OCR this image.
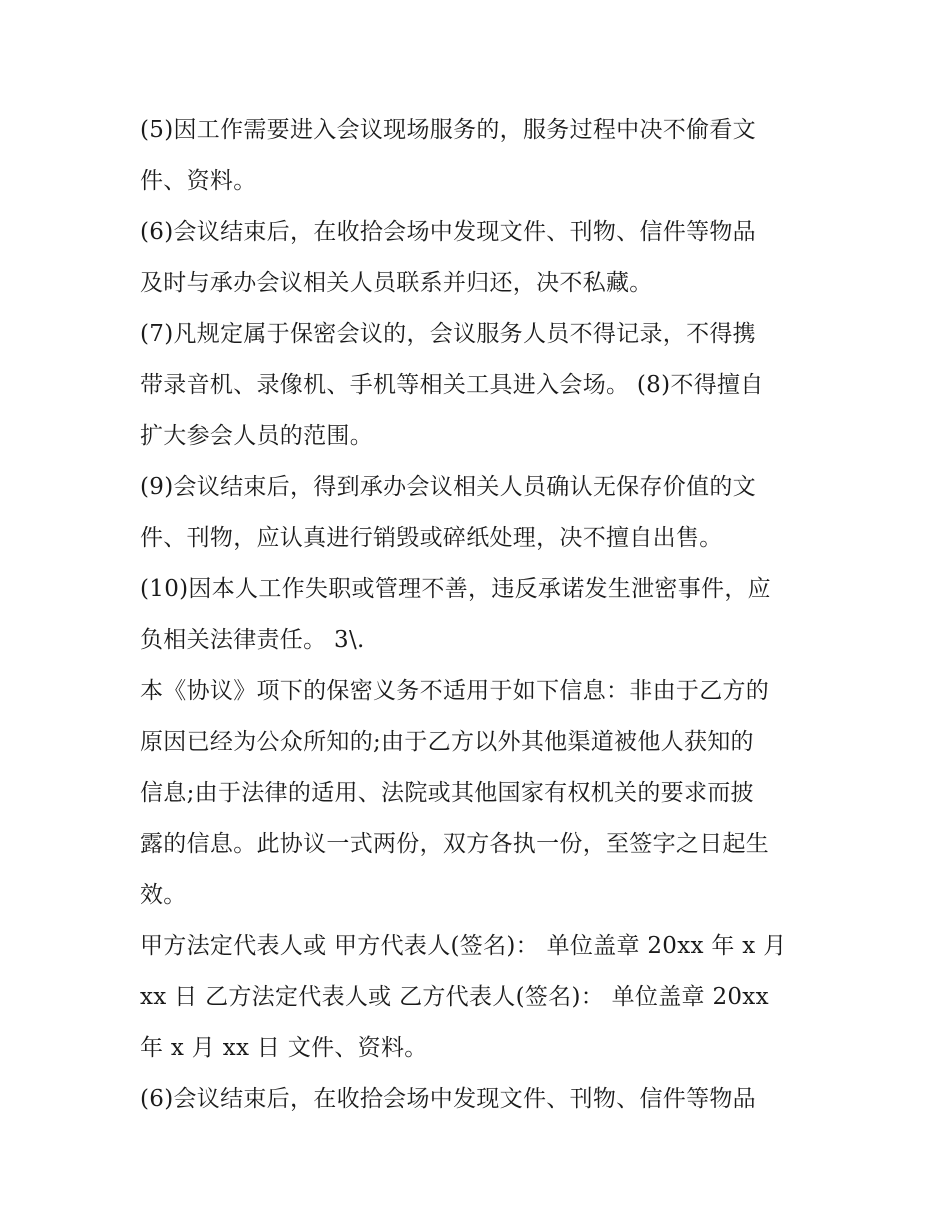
(5)因工作需要进入会议现场服务的，服务过程中决不偷看文
件、资料。
(6)会议结束后，在收拾会场中发现文件、刊物、信件等物品
及时与承办会议相关人员联系并归还，决不私藏。
(7)凡规定属于保密会议的，会议服务人员不得记录，不得携
带录音机、录像机、手机等相关工具进入会场。 (8)不得擅自
扩大参会人员的范围。
(9)会议结束后，得到承办会议相关人员确认无保存价值的文
件、刊物，应认真进行销毁或碎纸处理，决不擅自出售。
(10)因本人工作失职或管理不善，违反承诺发生泄密事件，应
负相关法律责任。 3\.
本《协议》项下的保密义务不适用于如下信息：非由于乙方的
原因已经为公众所知的;由于乙方以外其他渠道被他人获知的
信息;由于法律的适用、法院或其他国家有权机关的要求而披
露的信息。此协议一式两份，双方各执一份，至签字之日起生
效。
甲方法定代表人或 甲方代表人(签名)： 单位盖章 20xx 年 x 月
xx 日 乙方法定代表人或 乙方代表人(签名)： 单位盖章 20xx
年 x 月 xx 日 文件、资料。
(6)会议结束后，在收拾会场中发现文件、刊物、信件等物品
